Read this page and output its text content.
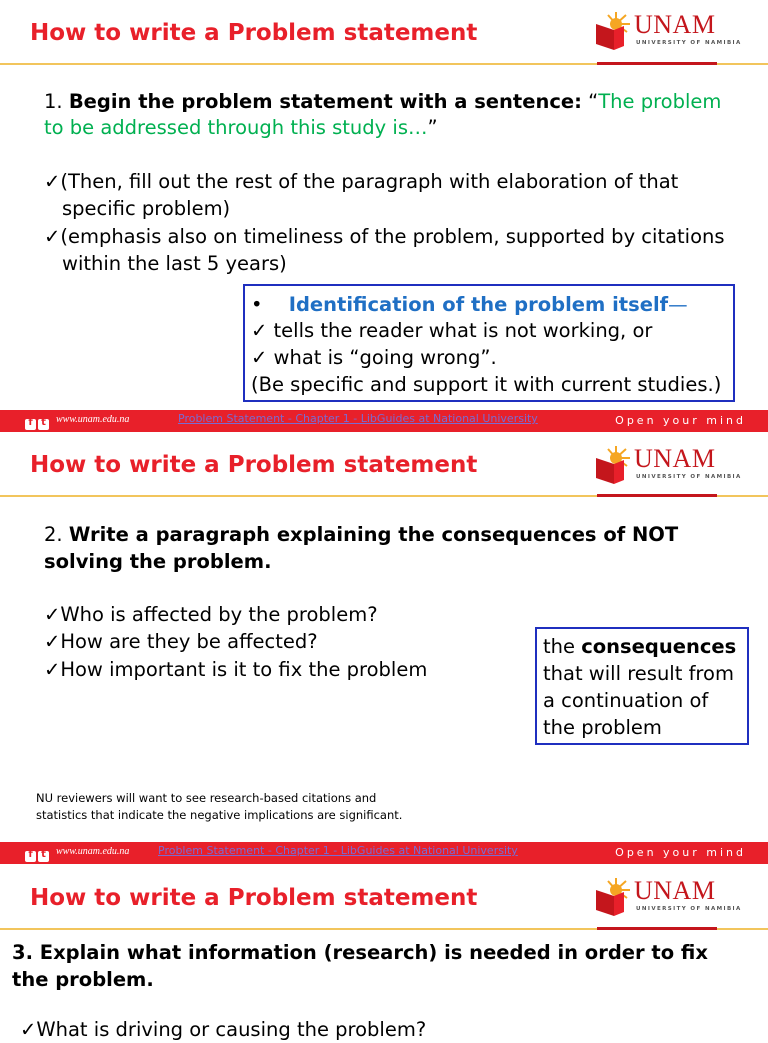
How to write a Problem statement	UNAM
UNIVERSITY OF NAMIBIA
1. Begin the problem statement with a sentence: “The problem
to be addressed through this study is…”
✓(Then, fill out the rest of the paragraph with elaboration of that
specific problem)
✓(emphasis also on timeliness of the problem, supported by citations
within the last 5 years)
• Identification of the problem itself—
✓ tells the reader what is not working, or
✓ what is “going wrong”.
(Be specific and support it with current studies.)
f t	www.unam.edu.na	Problem Statement - Chapter 1 - LibGuides at National University	Open your mind
How to write a Problem statement	UNAM
UNIVERSITY OF NAMIBIA
2. Write a paragraph explaining the consequences of NOT
solving the problem.
✓Who is affected by the problem?
✓How are they be affected?
✓How important is it to fix the problem
the consequences
that will result from
a continuation of
the problem
NU reviewers will want to see research-based citations and
statistics that indicate the negative implications are significant.
f t	www.unam.edu.na	Problem Statement - Chapter 1 - LibGuides at National University	Open your mind
How to write a Problem statement	UNAM
UNIVERSITY OF NAMIBIA
3. Explain what information (research) is needed in order to fix
the problem.
✓What is driving or causing the problem?
